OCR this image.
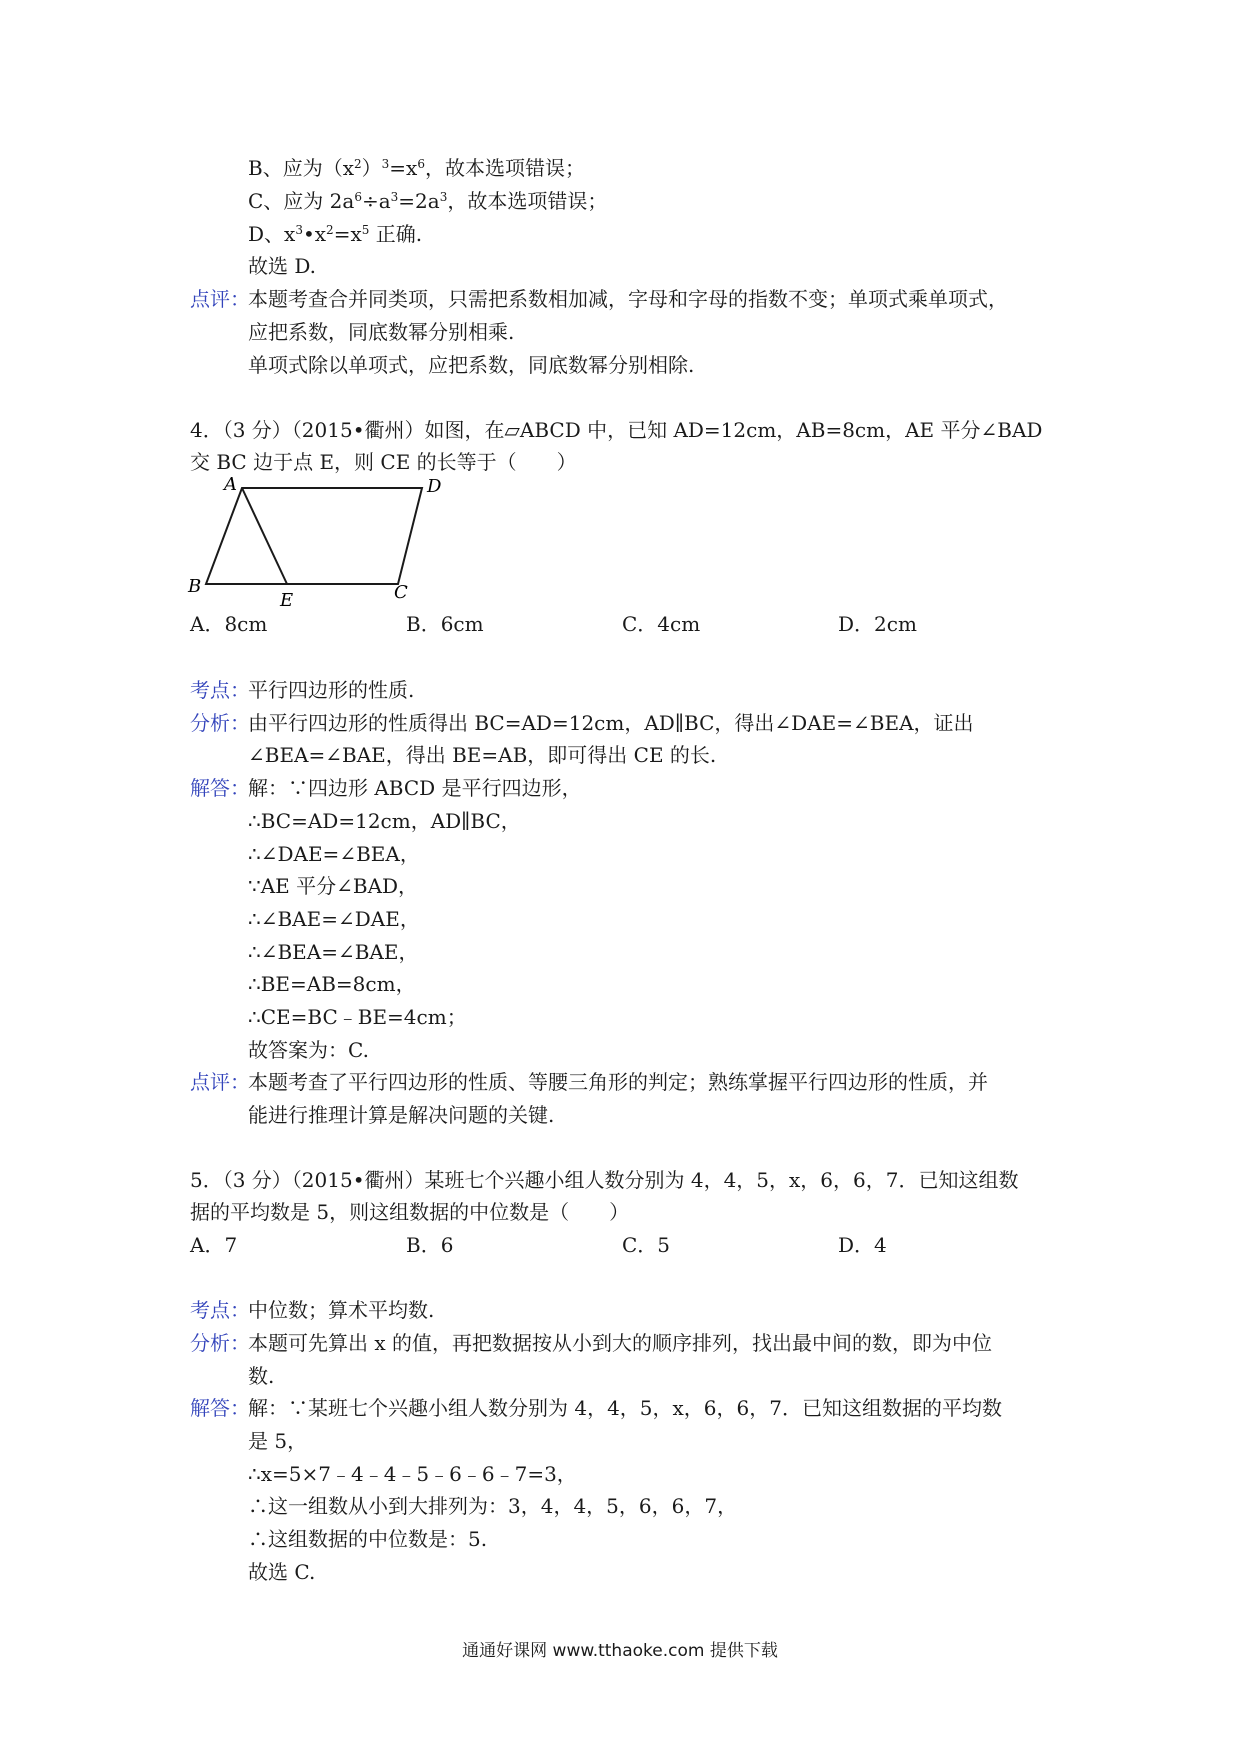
B、应为$(x^2)^3=x^6$，故本选项错误；
C、应为 $2a^6\div a^3=2a^3$，故本选项错误；
D、$x^3•x^2=x^5$ 正确.
故选 D.
点评：
本题考查合并同类项，只需把系数相加减，字母和字母的指数不变；单项式乘单项式，
应把系数，同底数幂分别相乘.
单项式除以单项式，应把系数，同底数幂分别相除.
4．（3 分）（2015•衢州）如图，在▱ABCD 中，已知 AD=12cm，AB=8cm，AE 平分∠BAD
交 BC 边于点 E，则 CE 的长等于（　　）
A	D
B
E	C
A．8cm	B．6cm	C．4cm	D．2cm
考点：
平行四边形的性质.
分析：
由平行四边形的性质得出 BC=AD=12cm，AD∥BC，得出∠DAE=∠BEA，证出
∠BEA=∠BAE，得出 BE=AB，即可得出 CE 的长.
解答：
解：∵四边形 ABCD 是平行四边形，
∴BC=AD=12cm，AD∥BC，
∴∠DAE=∠BEA，
∵AE 平分∠BAD，
∴∠BAE=∠DAE，
∴∠BEA=∠BAE，
∴BE=AB=8cm，
∴CE=BC﹣BE=4cm；
故答案为：C.
点评：
本题考查了平行四边形的性质、等腰三角形的判定；熟练掌握平行四边形的性质，并
能进行推理计算是解决问题的关键.
5．（3 分）（2015•衢州）某班七个兴趣小组人数分别为 4，4，5，x，6，6，7．已知这组数
据的平均数是 5，则这组数据的中位数是（　　）
A．7	B．6	C．5	D．4
考点：
中位数；算术平均数.
分析：
本题可先算出 x 的值，再把数据按从小到大的顺序排列，找出最中间的数，即为中位
数.
解答：
解：∵某班七个兴趣小组人数分别为 4，4，5，x，6，6，7．已知这组数据的平均数
是 5，
∴x=5×7﹣4﹣4﹣5﹣6﹣6﹣7=3，
∴这一组数从小到大排列为：3，4，4，5，6，6，7，
∴这组数据的中位数是：5.
故选 C.
通通好课网 www.tthaoke.com 提供下载
